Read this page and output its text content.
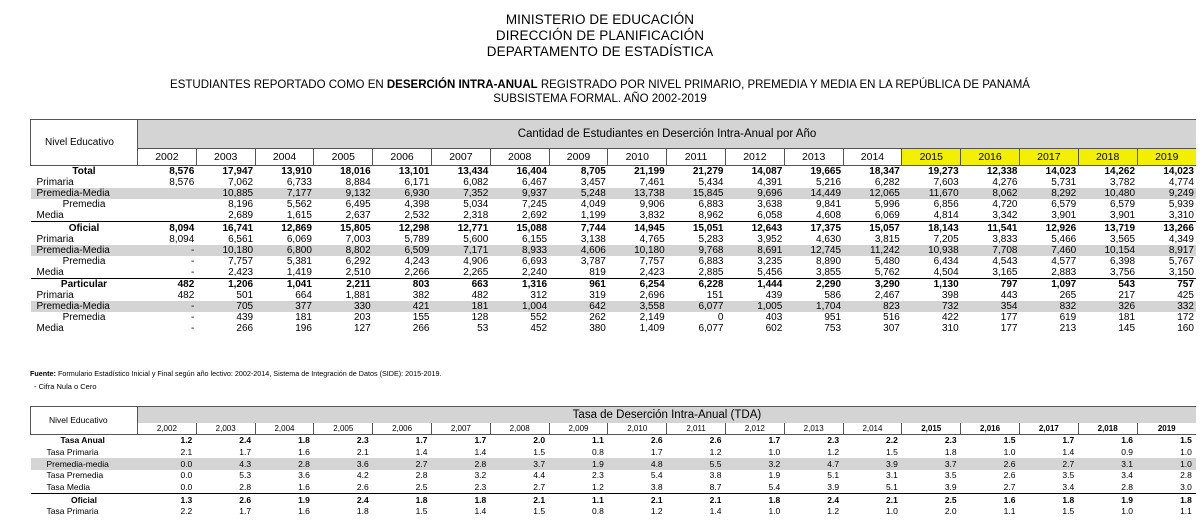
MINISTERIO DE EDUCACIÓN
DIRECCIÓN DE PLANIFICACIÓN
DEPARTAMENTO DE ESTADÍSTICA
ESTUDIANTES REPORTADO COMO EN DESERCIÓN INTRA-ANUAL REGISTRADO POR NIVEL PRIMARIO, PREMEDIA Y MEDIA EN LA REPÚBLICA DE PANAMÁ
SUBSISTEMA FORMAL. AÑO 2002-2019
Nivel Educativo	Cantidad de Estudiantes en Deserción Intra-Anual por Año																	
	2002	2003	2004	2005	2006	2007	2008	2009	2010	2011	2012	2013	2014	2015	2016	2017	2018	2019
Total	8,576	17,947	13,910	18,016	13,101	13,434	16,404	8,705	21,199	21,279	14,087	19,665	18,347	19,273	12,338	14,023	14,262	14,023
Primaria	8,576	7,062	6,733	8,884	6,171	6,082	6,467	3,457	7,461	5,434	4,391	5,216	6,282	7,603	4,276	5,731	3,782	4,774
Premedia-Media		10,885	7,177	9,132	6,930	7,352	9,937	5,248	13,738	15,845	9,696	14,449	12,065	11,670	8,062	8,292	10,480	9,249
Premedia		8,196	5,562	6,495	4,398	5,034	7,245	4,049	9,906	6,883	3,638	9,841	5,996	6,856	4,720	6,579	6,579	5,939
Media		2,689	1,615	2,637	2,532	2,318	2,692	1,199	3,832	8,962	6,058	4,608	6,069	4,814	3,342	3,901	3,901	3,310
Oficial	8,094	16,741	12,869	15,805	12,298	12,771	15,088	7,744	14,945	15,051	12,643	17,375	15,057	18,143	11,541	12,926	13,719	13,266
Primaria	8,094	6,561	6,069	7,003	5,789	5,600	6,155	3,138	4,765	5,283	3,952	4,630	3,815	7,205	3,833	5,466	3,565	4,349
Premedia-Media	-	10,180	6,800	8,802	6,509	7,171	8,933	4,606	10,180	9,768	8,691	12,745	11,242	10,938	7,708	7,460	10,154	8,917
Premedia	-	7,757	5,381	6,292	4,243	4,906	6,693	3,787	7,757	6,883	3,235	8,890	5,480	6,434	4,543	4,577	6,398	5,767
Media	-	2,423	1,419	2,510	2,266	2,265	2,240	819	2,423	2,885	5,456	3,855	5,762	4,504	3,165	2,883	3,756	3,150
Particular	482	1,206	1,041	2,211	803	663	1,316	961	6,254	6,228	1,444	2,290	3,290	1,130	797	1,097	543	757
Primaria	482	501	664	1,881	382	482	312	319	2,696	151	439	586	2,467	398	443	265	217	425
Premedia-Media	-	705	377	330	421	181	1,004	642	3,558	6,077	1,005	1,704	823	732	354	832	326	332
Premedia	-	439	181	203	155	128	552	262	2,149	0	403	951	516	422	177	619	181	172
Media	-	266	196	127	266	53	452	380	1,409	6,077	602	753	307	310	177	213	145	160
Fuente: Formulario Estadístico Inicial y Final según año lectivo: 2002-2014, Sistema de Integración de Datos (SIDE): 2015-2019.
- Cifra Nula o Cero
Nivel Educativo	Tasa de Deserción Intra-Anual (TDA)																	
	2,002	2,003	2,004	2,005	2,006	2,007	2,008	2,009	2,010	2,011	2,012	2,013	2,014	2,015	2,016	2,017	2,018	2019
Tasa Anual	1.2	2.4	1.8	2.3	1.7	1.7	2.0	1.1	2.6	2.6	1.7	2.3	2.2	2.3	1.5	1.7	1.6	1.5
Tasa Primaria	2.1	1.7	1.6	2.1	1.4	1.4	1.5	0.8	1.7	1.2	1.0	1.2	1.5	1.8	1.0	1.4	0.9	1.0
Premedia-media	0.0	4.3	2.8	3.6	2.7	2.8	3.7	1.9	4.8	5.5	3.2	4.7	3.9	3.7	2.6	2.7	3.1	1.0
Tasa Premedia	0.0	5.3	3.6	4.2	2.8	3.2	4.4	2.3	5.4	3.8	1.9	5.1	3.1	3.5	2.6	3.5	3.4	2.8
Tasa Media	0.0	2.8	1.6	2.6	2.5	2.3	2.7	1.2	3.8	8.7	5.4	3.9	5.1	3.9	2.7	3.4	2.8	3.0
Oficial	1.3	2.6	1.9	2.4	1.8	1.8	2.1	1.1	2.1	2.1	1.8	2.4	2.1	2.5	1.6	1.8	1.9	1.8
Tasa Primaria	2.2	1.7	1.6	1.8	1.5	1.4	1.5	0.8	1.2	1.4	1.0	1.2	1.0	2.0	1.1	1.5	1.0	1.1
